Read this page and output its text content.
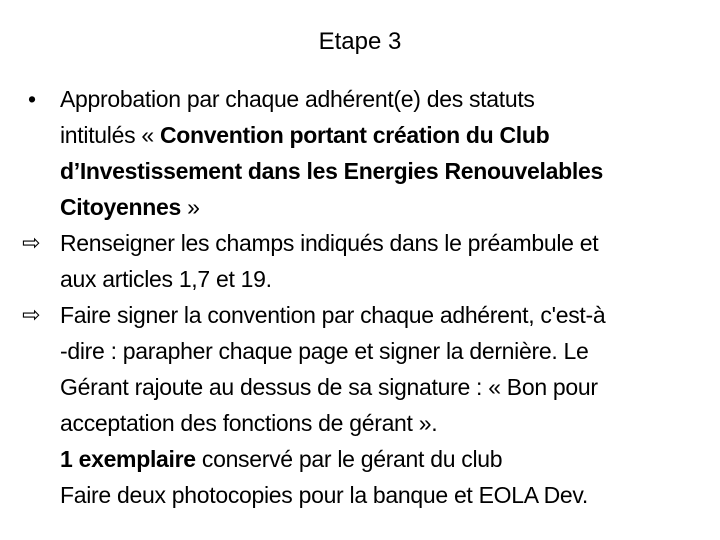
Etape 3
•	Approbation par chaque adhérent(e) des statuts
intitulés « Convention portant création du Club
d’Investissement dans les Energies Renouvelables
Citoyennes »
⇨ Renseigner les champs indiqués dans le préambule et
aux articles 1,7 et 19.
⇨ Faire signer la convention par chaque adhérent, c'est-à
-dire : parapher chaque page et signer la dernière. Le
Gérant rajoute au dessus de sa signature : « Bon pour
acceptation des fonctions de gérant ».
1 exemplaire conservé par le gérant du club
Faire deux photocopies pour la banque et EOLA Dev.
